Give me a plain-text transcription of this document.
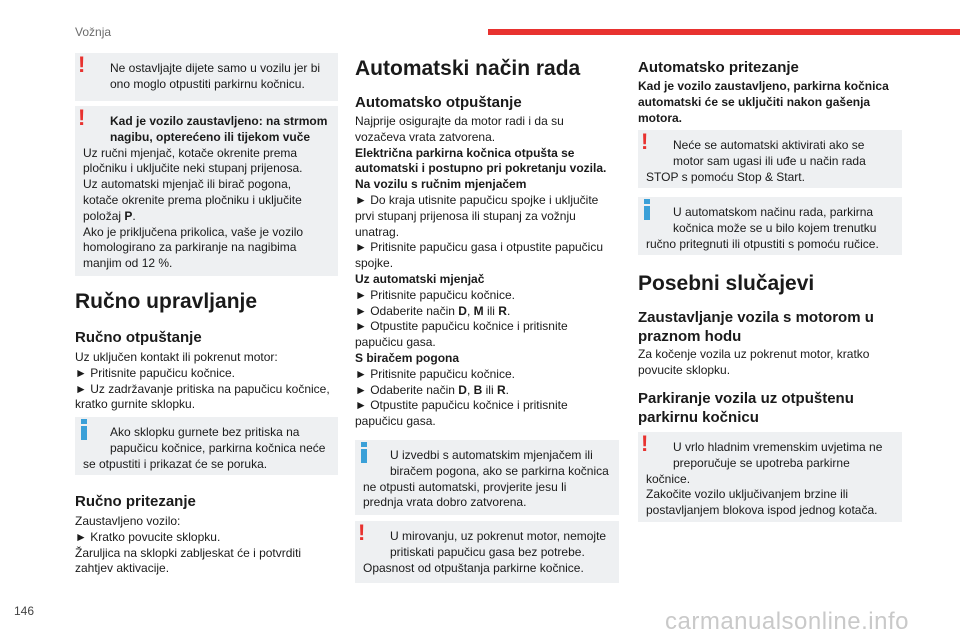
Vožnja
146	carmanualsonline.info
!	Ne ostavljajte dijete samo u vozilu jer bi
ono moglo otpustiti parkirnu kočnicu.
!	Kad je vozilo zaustavljeno: na strmom
nagibu, opterećeno ili tijekom vuče
Uz ručni mjenjač, kotače okrenite prema
pločniku i uključite neki stupanj prijenosa.
Uz automatski mjenjač ili birač pogona,
kotače okrenite prema pločniku i uključite
položaj P.
Ako je priključena prikolica, vaše je vozilo
homologirano za parkiranje na nagibima
manjim od 12 %.
Ručno upravljanje
Ručno otpuštanje
Uz uključen kontakt ili pokrenut motor:
► Pritisnite papučicu kočnice.
► Uz zadržavanje pritiska na papučicu kočnice,
kratko gurnite sklopku.
Ako sklopku gurnete bez pritiska na
papučicu kočnice, parkirna kočnica neće
se otpustiti i prikazat će se poruka.
Ručno pritezanje
Zaustavljeno vozilo:
► Kratko povucite sklopku.
Žaruljica na sklopki zabljeskat će i potvrditi
zahtjev aktivacije.
Automatski način rada
Automatsko otpuštanje
Najprije osigurajte da motor radi i da su
vozačeva vrata zatvorena.
Električna parkirna kočnica otpušta se
automatski i postupno pri pokretanju vozila.
Na vozilu s ručnim mjenjačem
► Do kraja utisnite papučicu spojke i uključite
prvi stupanj prijenosa ili stupanj za vožnju
unatrag.
► Pritisnite papučicu gasa i otpustite papučicu
spojke.
Uz automatski mjenjač
► Pritisnite papučicu kočnice.
► Odaberite način D, M ili R.
► Otpustite papučicu kočnice i pritisnite
papučicu gasa.
S biračem pogona
► Pritisnite papučicu kočnice.
► Odaberite način D, B ili R.
► Otpustite papučicu kočnice i pritisnite
papučicu gasa.
U izvedbi s automatskim mjenjačem ili
biračem pogona, ako se parkirna kočnica
ne otpusti automatski, provjerite jesu li
prednja vrata dobro zatvorena.
!	U mirovanju, uz pokrenut motor, nemojte
pritiskati papučicu gasa bez potrebe.
Opasnost od otpuštanja parkirne kočnice.
Automatsko pritezanje
Kad je vozilo zaustavljeno, parkirna kočnica
automatski će se uključiti nakon gašenja
motora.
!	Neće se automatski aktivirati ako se
motor sam ugasi ili uđe u način rada
STOP s pomoću Stop & Start.
U automatskom načinu rada, parkirna
kočnica može se u bilo kojem trenutku
ručno pritegnuti ili otpustiti s pomoću ručice.
Posebni slučajevi
Zaustavljanje vozila s motorom u
praznom hodu
Za kočenje vozila uz pokrenut motor, kratko
povucite sklopku.
Parkiranje vozila uz otpuštenu
parkirnu kočnicu
!	U vrlo hladnim vremenskim uvjetima ne
preporučuje se upotreba parkirne
kočnice.
Zakočite vozilo uključivanjem brzine ili
postavljanjem blokova ispod jednog kotača.
